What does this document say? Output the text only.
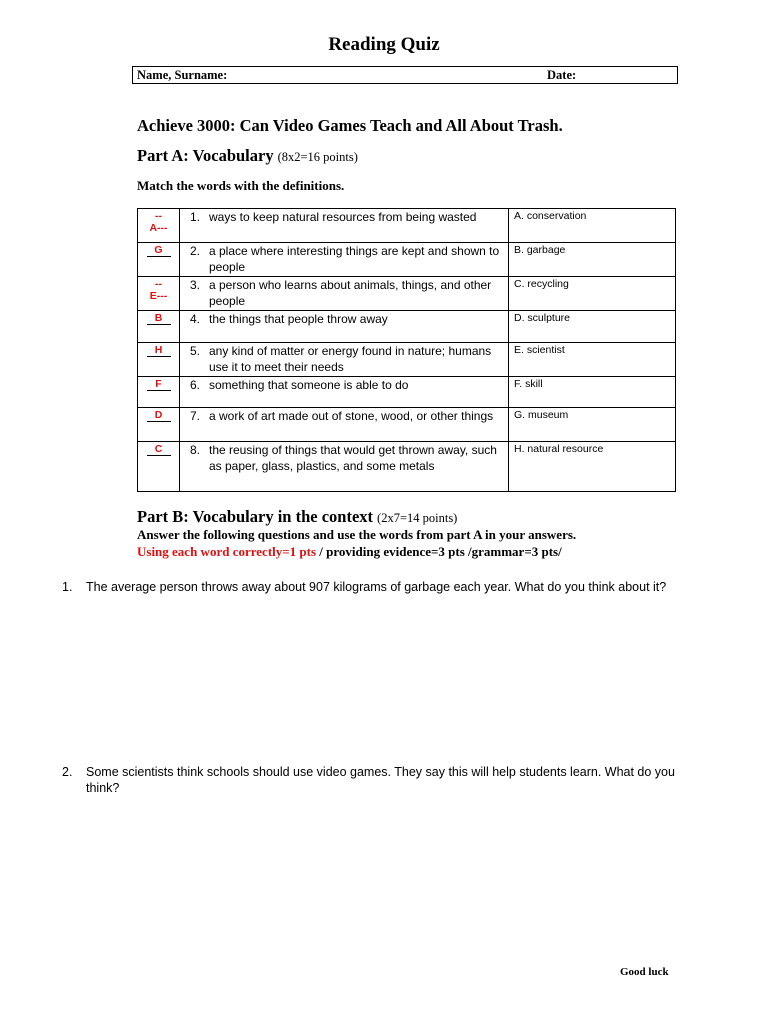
Reading Quiz
Name, Surname:	Date:
Achieve 3000: Can Video Games Teach and All About Trash.
Part A: Vocabulary (8x2=16 points)
Match the words with the definitions.
--
A---	1. ways to keep natural resources from being wasted	A. conservation
G	2. a place where interesting things are kept and shown to people	B. garbage
--
E---	3. a person who learns about animals, things, and other people	C. recycling
B	4. the things that people throw away	D. sculpture
H	5. any kind of matter or energy found in nature; humans use it to meet their needs	E. scientist
F	6. something that someone is able to do	F. skill
D	7. a work of art made out of stone, wood, or other things	G. museum
C	8. the reusing of things that would get thrown away, such as paper, glass, plastics, and some metals	H. natural resource
Part B: Vocabulary in the context (2x7=14 points)
Answer the following questions and use the words from part A in your answers.
Using each word correctly=1 pts / providing evidence=3 pts /grammar=3 pts/
1.	The average person throws away about 907 kilograms of garbage each year. What do you think about it?
2.	Some scientists think schools should use video games. They say this will help students learn. What do you think?
Good luck
